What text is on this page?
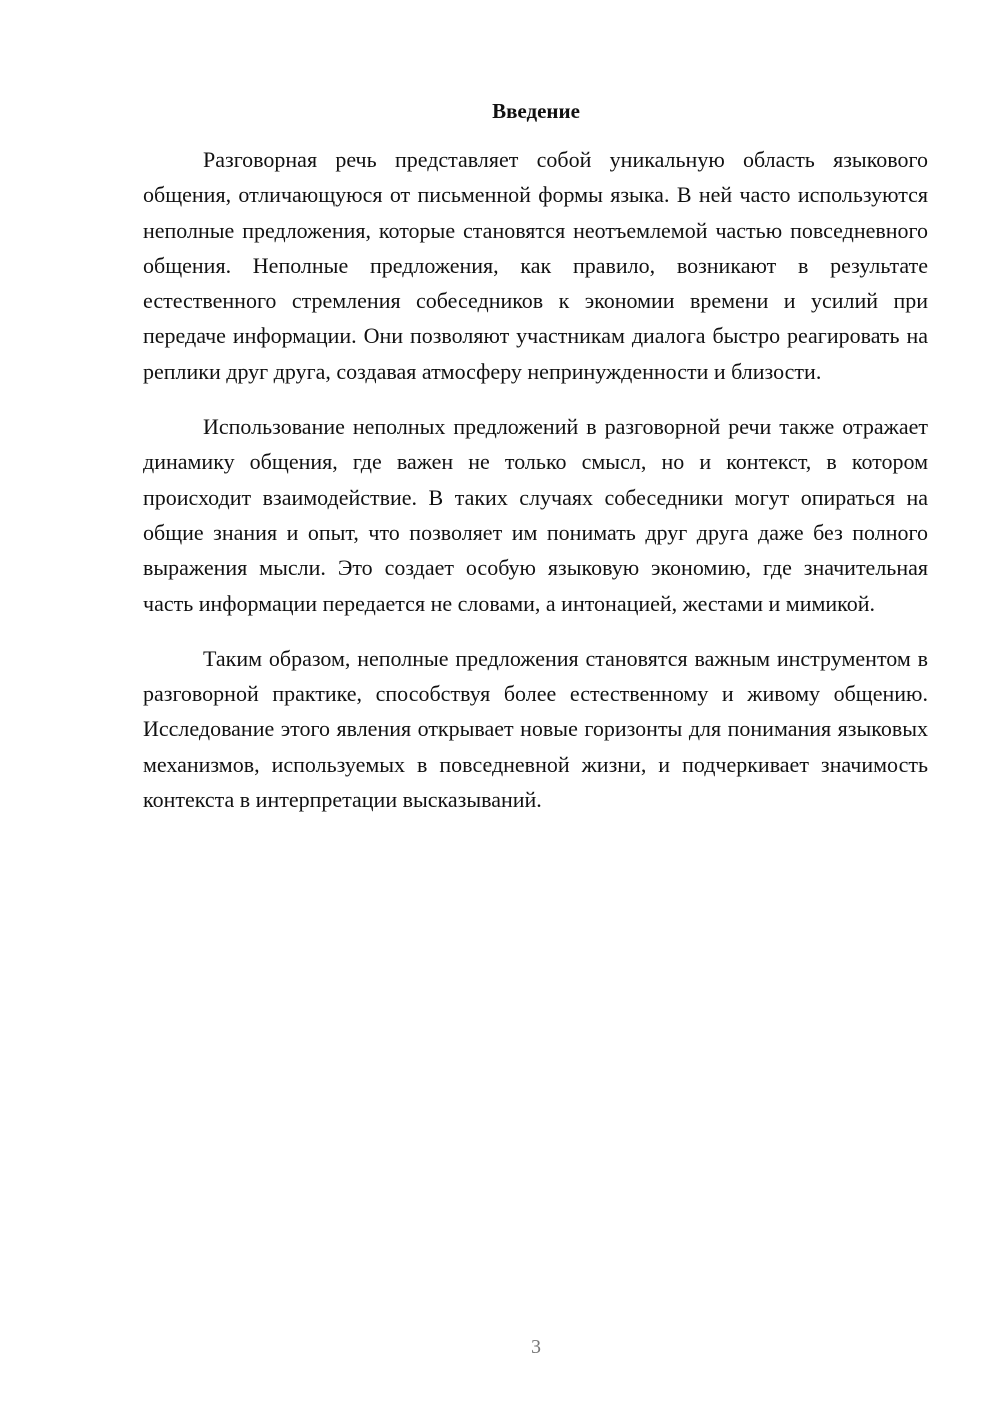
Введение

Разговорная речь представляет собой уникальную область языкового общения, отличающуюся от письменной формы языка. В ней часто используются неполные предложения, которые становятся неотъемлемой частью повседневного общения. Неполные предложения, как правило, возникают в результате естественного стремления собеседников к экономии времени и усилий при передаче информации. Они позволяют участникам диалога быстро реагировать на реплики друг друга, создавая атмосферу непринужденности и близости.

Использование неполных предложений в разговорной речи также отражает динамику общения, где важен не только смысл, но и контекст, в котором происходит взаимодействие. В таких случаях собеседники могут опираться на общие знания и опыт, что позволяет им понимать друг друга даже без полного выражения мысли. Это создает особую языковую экономию, где значительная часть информации передается не словами, а интонацией, жестами и мимикой.

Таким образом, неполные предложения становятся важным инструментом в разговорной практике, способствуя более естественному и живому общению. Исследование этого явления открывает новые горизонты для понимания языковых механизмов, используемых в повседневной жизни, и подчеркивает значимость контекста в интерпретации высказываний.

3
